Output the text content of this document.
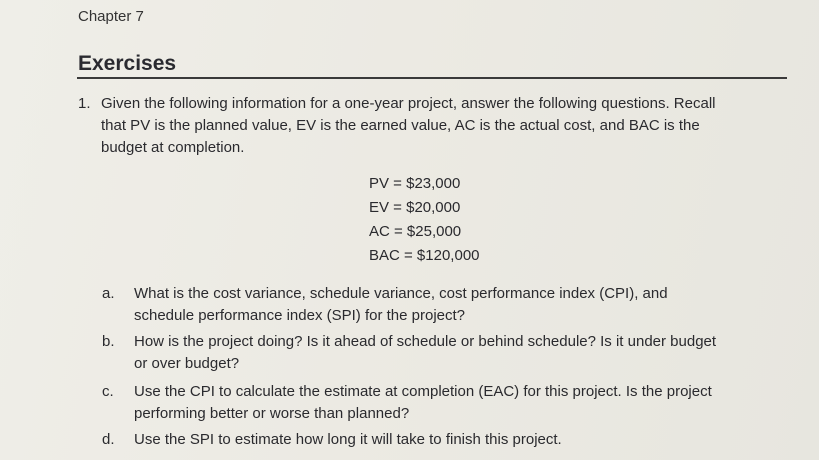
Chapter 7
Exercises
1. Given the following information for a one-year project, answer the following questions. Recall
that PV is the planned value, EV is the earned value, AC is the actual cost, and BAC is the
budget at completion.
PV = $23,000
EV = $20,000
AC = $25,000
BAC = $120,000
a. What is the cost variance, schedule variance, cost performance index (CPI), and
schedule performance index (SPI) for the project?
b. How is the project doing? Is it ahead of schedule or behind schedule? Is it under budget
or over budget?
c. Use the CPI to calculate the estimate at completion (EAC) for this project. Is the project
performing better or worse than planned?
d. Use the SPI to estimate how long it will take to finish this project.
